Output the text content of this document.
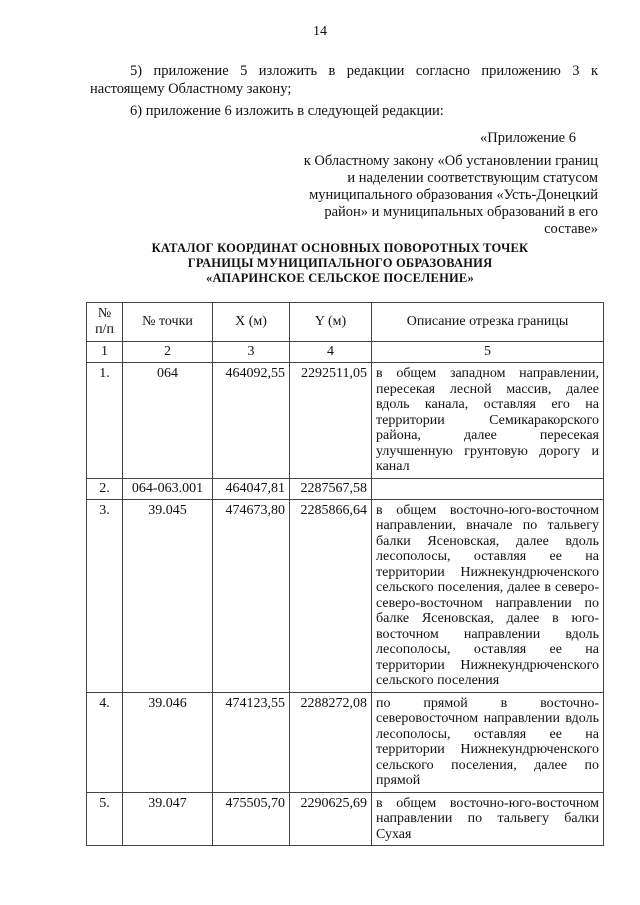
14
5) приложение 5 изложить в редакции согласно приложению 3 к настоящему Областному закону;
6) приложение 6 изложить в следующей редакции:
«Приложение 6
к Областному закону «Об установлении границ и наделении соответствующим статусом муниципального образования «Усть-Донецкий район» и муниципальных образований в его составе»
КАТАЛОГ КООРДИНАТ ОСНОВНЫХ ПОВОРОТНЫХ ТОЧЕК
ГРАНИЦЫ МУНИЦИПАЛЬНОГО ОБРАЗОВАНИЯ
«АПАРИНСКОЕ СЕЛЬСКОЕ ПОСЕЛЕНИЕ»
№
п/п	№ точки	X (м)	Y (м)	Описание отрезка границы
1	2	3	4	5
1.	064	464092,55	2292511,05	в общем западном направлении, пересекая лесной массив, далее вдоль канала, оставляя его на территории Семикаракорского района, далее пересекая улучшенную грунтовую дорогу и канал
2.	064-063.001	464047,81	2287567,58	
3.	39.045	474673,80	2285866,64	в общем восточно-юго-восточном направлении, вначале по тальвегу балки Ясеновская, далее вдоль лесополосы, оставляя ее на территории Нижнекундрюченского сельского поселения, далее в северо-северо-восточном направлении по балке Ясеновская, далее в юго-восточном направлении вдоль лесополосы, оставляя ее на территории Нижнекундрюченского сельского поселения
4.	39.046	474123,55	2288272,08	по прямой в восточно-северовосточном направлении вдоль лесополосы, оставляя ее на территории Нижнекундрюченского сельского поселения, далее по прямой
5.	39.047	475505,70	2290625,69	в общем восточно-юго-восточном направлении по тальвегу балки Сухая
